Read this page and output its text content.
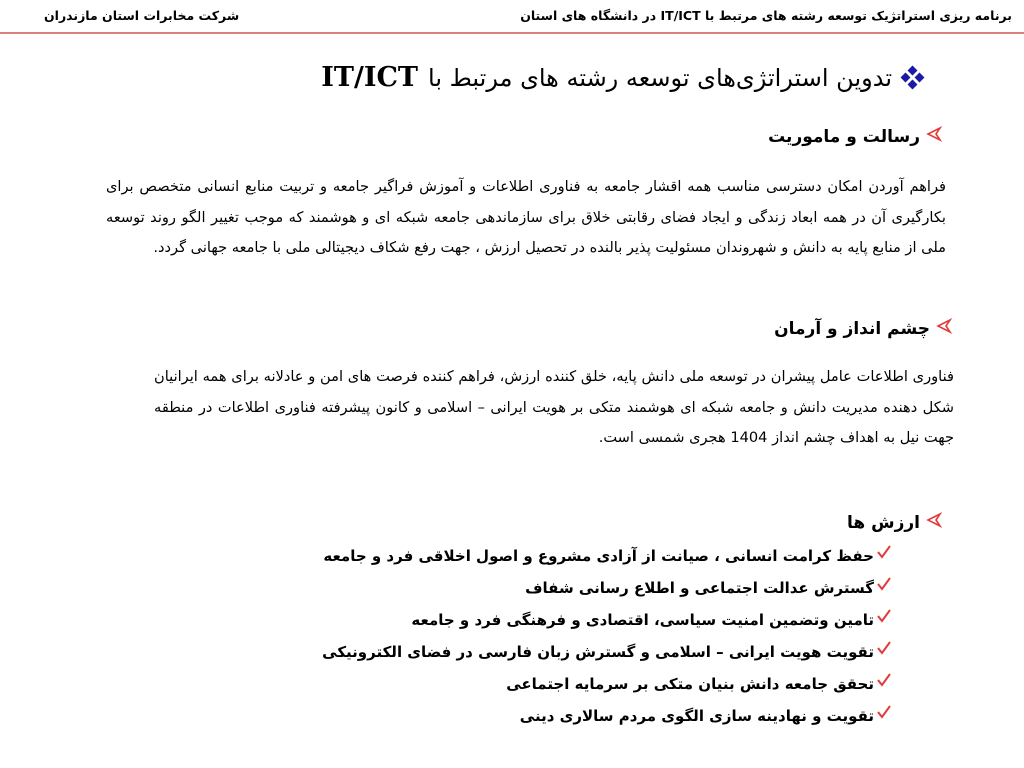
برنامه ریزی استراتژیک توسعه رشته های مرتبط با IT/ICT در دانشگاه های استان
شرکت مخابرات استان مازندران
تدوین استراتژی‌های توسعه رشته های مرتبط با
IT/ICT
رسالت و ماموریت
فراهم آوردن امکان دسترسی مناسب همه اقشار جامعه به فناوری اطلاعات و آموزش فراگیر جامعه و تربیت منابع انسانی متخصص برای بکارگیری آن در همه ابعاد زندگی و ایجاد فضای رقابتی خلاق برای سازماندهی جامعه شبکه ای و هوشمند که موجب تغییر الگو روند توسعه ملی از منابع پایه به دانش و شهروندان مسئولیت پذیر بالنده در تحصیل ارزش ، جهت رفع شکاف دیجیتالی ملی با جامعه جهانی گردد.
چشم انداز و آرمان
فناوری اطلاعات عامل پیشران در توسعه ملی دانش پایه، خلق کننده ارزش، فراهم کننده فرصت های امن و عادلانه برای همه ایرانیان شکل دهنده مدیریت دانش و جامعه شبکه ای هوشمند متکی بر هویت ایرانی – اسلامی و کانون پیشرفته فناوری اطلاعات در منطقه جهت نیل به اهداف چشم انداز 1404 هجری شمسی است.
ارزش ها
حفظ کرامت انسانی ، صیانت از آزادی مشروع و اصول اخلاقی فرد و جامعه
گسترش عدالت اجتماعی و اطلاع رسانی شفاف
تامین وتضمین امنیت سیاسی، اقتصادی و فرهنگی فرد و جامعه
تقویت هویت ایرانی – اسلامی و گسترش زبان فارسی در فضای الکترونیکی
تحقق جامعه دانش بنیان متکی بر سرمایه اجتماعی
تقویت و نهادینه سازی الگوی مردم سالاری دینی
